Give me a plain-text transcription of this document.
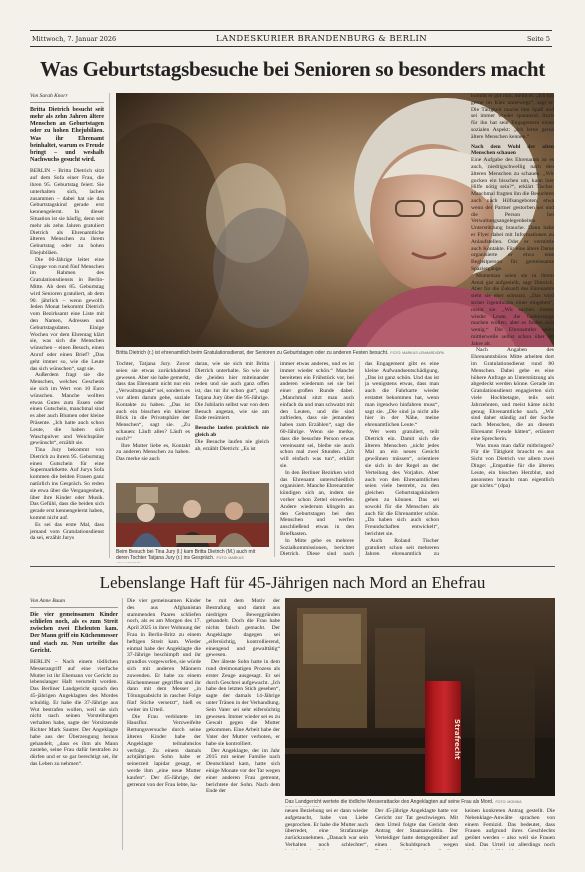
Mittwoch, 7. Januar 2026	LANDESKURIER BRANDENBURG & BERLIN	Seite 5
Was Geburtstagsbesuche bei Senioren so besonders macht
Von Sarah Knorr
Britta Dietrich besucht seit mehr als zehn Jahren ältere Menschen an Geburtstagen oder zu hohen Ehejubiläen. Was ihr Ehrenamt beinhaltet, warum es Freude bringt – und weshalb Nachwuchs gesucht wird.

BERLIN – Britta Dietrich sitzt auf dem Sofa einer Frau, die ihren 95. Geburtstag feiert. Sie unterhalten sich, lachen zusammen – dabei hat sie das Geburtstagskind gerade erst kennengelernt. In dieser Situation ist sie häufig, denn seit mehr als zehn Jahren gratuliert Dietrich als Ehrenamtliche älteren Menschen zu ihrem Geburtstag oder zu hohen Ehejubiläen.

Die 60-Jährige leitet eine Gruppe von rund fünf Menschen im Rahmen des Gratulationsdiensts in Berlin-Mitte. Ab dem 85. Geburtstag wird Senioren gratuliert, ab dem 90. jährlich – wenn gewollt. Jeden Monat bekommt Dietrich vom Bezirksamt eine Liste mit den Namen, Adressen und Geburtstagsdaten. Einige Wochen vor dem Ehrentag klärt sie, was sich die Menschen wünschen – einen Besuch, einen Anruf oder einen Brief? „Das geht immer so, wie die Leute das sich wünschen“, sagt sie.

Außerdem fragt sie die Menschen, welches Geschenk sie sich im Wert von 10 Euro wünschen. Manche wollten etwas Gutes zum Essen oder einen Gutschein, manchmal sind es aber auch Blumen oder kleine Präsente. „Ich hatte auch schon Leute, die haben sich Waschpulver und Weichspüler gewünscht“, erzählt sie.

Tina Jury bekommt von Dietrich zu ihrem 95. Geburtstag einen Gutschein für eine Supermarktkette. Auf Jurys Sofa kommen die beiden Frauen ganz natürlich ins Gespräch. So reden sie etwa über die Vergangenheit, über ihre Kinder oder Musik. Das Gefühl, dass die beiden sich gerade erst kennengelernt haben, kommt nicht auf.

Es sei das erste Mal, dass jemand vom Gratulationsdienst da sei, erzählt Jurys

Britta Dietrich (r.) ist ehrenamtlich beim Gratulationsdienst, der Senioren zu Geburtstagen oder zu anderen Festen besucht. FOTO: MARKUS LENHARD/DPA

Tochter, Tatjana Jury. Zuvor seien sie etwas zurückhaltend gewesen. Aber sie habe gemerkt, dass das Ehrenamt nicht nur ein „Verwaltungsakt“ sei, sondern es vor allem darum gehe, soziale Kontakte zu haben. „Das ist auch ein bisschen ein kleiner Blick in die Privatsphäre der Menschen“, sagt sie. „Zu schauen: Läuft alles? Läuft es noch?“

Ihre Mutter liebe es, Kontakt zu anderen Menschen zu haben. Das merke sie auch

daran, wie sie sich mit Britta Dietrich unterhalte. So wie sie die „beiden hier miteinander reden und sie auch ganz offen ist, das tut ihr schon gut“, sagt Tatjana Jury über die 95-Jährige. Die Jubilarin selbst war von dem Besuch angetan, wie sie am Ende resümiert.

Besuche laufen praktisch nie gleich ab

Die Besuche laufen nie gleich ab, erzählt Dietrich: „Es ist

Beim Besuch bei Tina Jury (l.) kam Britta Dietrich (M.) auch mit deren Tochter Tatjana Jury (r.) ins Gespräch. FOTO: MARKUS

immer etwas anderes, und es ist immer wieder schön.“ Manche bereiteten ein Frühstück vor, bei anderen wiederum sei sie bei einer großen Runde dabei. „Manchmal sitzt man auch einfach da und man schwatzt mit den Leuten, und die sind zufrieden, dass sie jemanden haben zum Erzählen“, sagt die 60-Jährige. Wenn sie merke, dass die besuchte Person etwas vereinsamt sei, bleibe sie auch schon mal zwei Stunden. „Ich will einfach was tun“, erklärt sie.

In den Berliner Bezirken wird das Ehrenamt unterschiedlich organisiert. Manche Ehrenamtler kündigen sich an, indem sie vorher schon Zettel einwerfen. Andere wiederum klingeln an den Geburtstagen bei den Menschen und werfen anschließend etwas in den Briefkasten.

In Mitte gebe es mehrere Sozialkommissionen, berichtet Dietrich. Diese sind nach

das Engagement gibt es eine kleine Aufwandsentschädigung. „Das ist ganz schön. Und das ist ja wenigstens etwas, dass man auch die Fahrkarte wieder erstattet bekommen hat, wenn man irgendwo hinfahren muss“, sagt sie. „Die sind ja nicht alle hier in der Nähe, meine ehrenamtlichen Leute.“

Wer wem gratuliert, teilt Dietrich ein. Damit sich die älteren Menschen „nicht jedes Mal an ein neues Gesicht gewöhnen müssen“, orientiere sie sich in der Regel an der Verteilung des Vorjahrs. Aber auch von den Ehrenamtlichen seien viele bestrebt, zu den gleichen Geburtstagskindern gehen zu können. Das sei sowohl für die Menschen als auch für die Ehrenamtler schön. „Da haben sich auch schon Freundschaften entwickelt“, berichtet sie.

Auch Roland Tischer gratuliert schon seit mehreren Jahren ehrenamtlich zu

kommt er gut rum, meint er. „Ich bin gerne im Kiez unterwegs“, sagt er. Die Tätigkeit mache ihm Spaß und sei immer wieder spannend. Auch für ihn hat sein Engagement einen sozialen Aspekt: „Ich lerne gerne ältere Menschen kennen.“

Nach dem Wohl der alten Menschen schauen

Eine Aufgabe des Ehrenamts ist es auch, niedrigschwellig nach den älteren Menschen zu schauen. „Wir gucken ein bisschen um, kann hier Hilfe nötig sein?“, erklärt Tischer. Manchmal fragten ihn die Besuchten auch nach Hilfsangeboten, etwa wenn der Partner gestorben sei und die Person bei Verwaltungsangelegenheiten Unterstützung brauche. Dann habe er Flyer dabei mit Informationen zu Anlaufstellen. Oder er vermittle auch Kontakte. Für eine ältere Dame organisierte er etwa eine Begleitperson für gemeinsame Spaziergänge.

Momentan seien sie in ihrem Areal gut aufgestellt, sagt Dietrich. Aber für die Zukunft des Ehrenamts sieht sie eher schwarz. „Das wird sicher irgendwann einer eingehen“, meint sie. „Wir suchen immer wieder Leute, die Geburtstage machen wollen, aber es finden sich wenig.“ Die Ehrenamtler seien mittlerweile selbst schon über 80 Jahre alt.

Nach Angaben des Ehrenamtsbüros Mitte arbeiten dort im Gratulationsdienst rund 80 Menschen. Dabei gebe es eine höhere Anfrage an Unterstützung als abgedeckt werden könne. Gerade im Gratulationsdienst engagierten sich viele Hochbetagte, teils seit Jahrzehnten, und meist käme nicht genug Ehrenamtliche nach. „Wir sind daher ständig auf der Suche nach Menschen, die an diesem Ehrenamt Freude hätten“, erläutert eine Sprecherin.

Was muss man dafür mitbringen? Für die Tätigkeit braucht es aus Sicht von Dietrich vor allem zwei Dinge: „Empathie für die älteren Leute, ein bisschen Herzblut, und ansonsten braucht man eigentlich gar nichts.“ (dpa)

Lebenslange Haft für 45-Jährigen nach Mord an Ehefrau
Von Anne Baum
Die vier gemeinsamen Kinder schliefen noch, als es zum Streit zwischen zwei Eheleuten kam. Der Mann griff ein Küchenmesser und stach zu. Nun urteilte das Gericht.

BERLIN – Nach einem tödlichen Messerangriff auf eine vierfache Mutter ist ihr Ehemann vor Gericht zu lebenslanger Haft verurteilt worden. Das Berliner Landgericht sprach den 45-jährigen Angeklagten des Mordes schuldig. Er habe die 37-Jährige aus Wut bestrafen wollen, weil sie sich nicht nach seinen Vorstellungen verhalten habe, sagte der Vorsitzende Richter Mark Sautter. Der Angeklagte habe aus der Überzeugung heraus gehandelt, „dass es ihm als Mann zustehe, seine Frau dafür bestrafen zu dürfen und er so gar berechtigt sei, ihr das Leben zu nehmen“.

Die vier gemeinsamen Kinder des aus Afghanistan stammenden Paares schliefen noch, als es am Morgen des 17. April 2025 in ihrer Wohnung der Frau in Berlin-Britz zu einem heftigen Streit kam. Wieder einmal habe der Angeklagte die 37-Jährige beschimpft und ihr grundlos vorgeworfen, sie würde sich mit anderen Männern zuwenden. Er habe zu einem Küchenmesser gegriffen und ihr dann mit dem Messer „in Tötungsabsicht in rascher Folge fünf Stiche versetzt“, hieß es weiter im Urteil.

Die Frau verblutete im Hausflur. Verzweifelte Rettungsversuche durch seine älteren Kinder habe der Angeklagte teilnahmslos verfolgt. Zu einem damals achtjährigen Sohn habe er seinerzeit lapidar gesagt, er werde ihm „eine neue Mutter kaufen“. Der 45-Jährige, der getrennt von der Frau lebte, ha-

be mit dem Motiv der Bestrafung und damit aus niedrigen Beweggründen gehandelt. Doch die Frau habe nichts falsch gemacht. Der Angeklagte dagegen sei „eifersüchtig, kontrollierend, einengend und gewalttätig“ gewesen.

Der älteste Sohn hatte in dem rund dreimonatigen Prozess als erster Zeuge ausgesagt. Er sei durch Geschrei aufgewacht. „Ich habe den letzten Stich gesehen“, sagte der damals 14-Jährige unter Tränen in der Verhandlung. Sein Vater sei sehr eifersüchtig gewesen. Immer wieder sei es zu Gewalt gegen die Mutter gekommen. Eine Arbeit habe der Vater der Mutter verboten, er habe sie kontrolliert.

Der Angeklagte, der im Jahr 2015 mit seiner Familie nach Deutschland kam, hatte sich einige Monate vor der Tat wegen einer anderen Frau getrennt, berichtete der Sohn. Nach dem Ende der

Strafrecht
Das Landgericht wertete die tödliche Messerattacke des Angeklagten auf seine Frau als Mord. FOTO: MONIKA

neuen Beziehung sei er dann wieder aufgetaucht, habe von Liebe gesprochen. Er habe die Mutter auch überredet, eine Strafanzeige zurückzunehmen. „Danach war sein Verhalten noch schlechter“,

Der 45-jährige Angeklagte hatte vor Gericht zur Tat geschwiegen. Mit dem Urteil folgte das Gericht dem Antrag der Staatsanwältin. Der Verteidiger hatte demgegenüber auf einen Schuldspruch wegen

keinen konkreten Antrag gestellt. Die Nebenklage-Anwälte sprachen von einem Femizid. Das bedeutet, dass Frauen aufgrund ihres Geschlechts getötet werden – also weil sie Frauen sind. Das Urteil ist allerdings noch
